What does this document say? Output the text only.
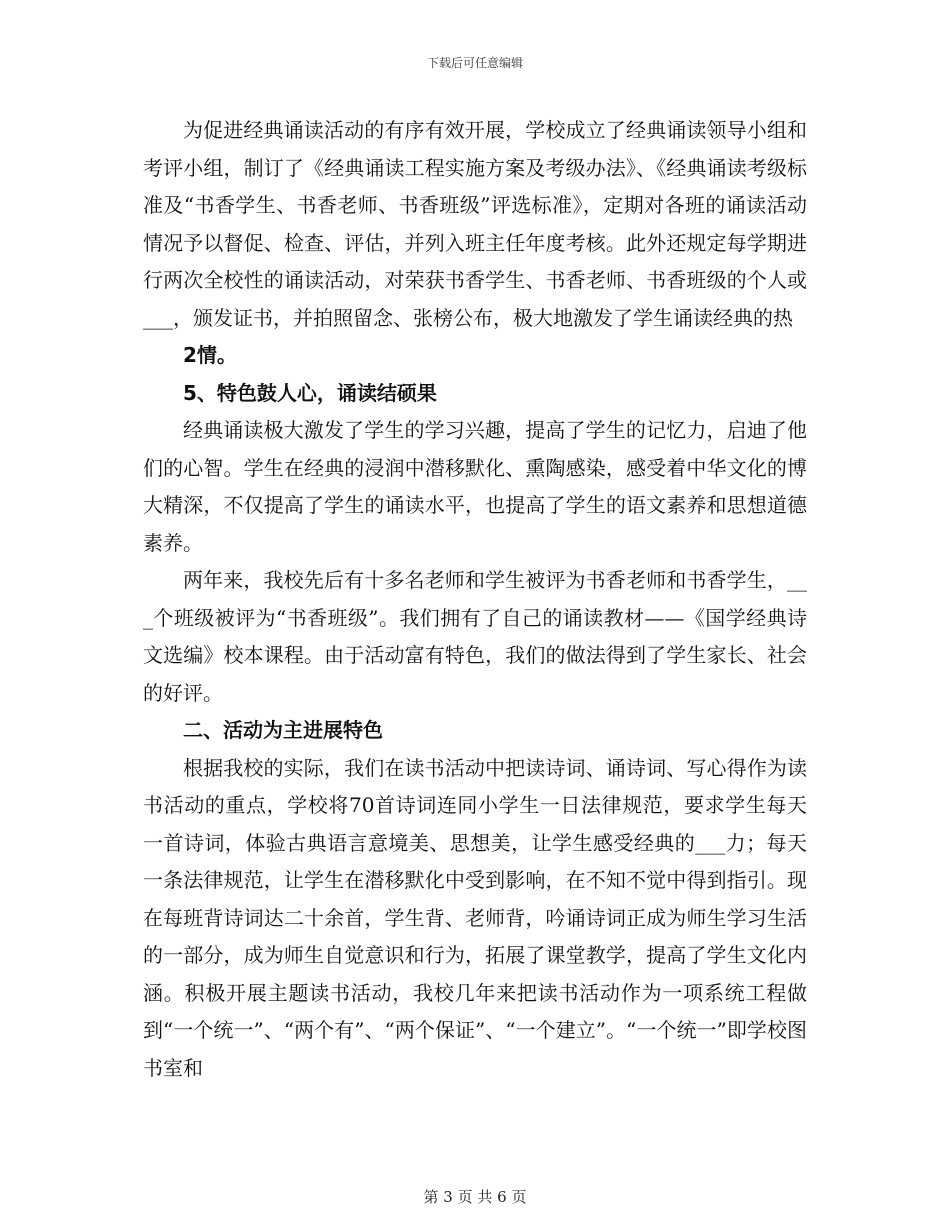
下载后可任意编辑

为促进经典诵读活动的有序有效开展，学校成立了经典诵读领导小组和考评小组，制订了《经典诵读工程实施方案及考级办法》、《经典诵读考级标准及“书香学生、书香老师、书香班级”评选标准》，定期对各班的诵读活动情况予以督促、检查、评估，并列入班主任年度考核。此外还规定每学期进行两次全校性的诵读活动，对荣获书香学生、书香老师、书香班级的个人或___，颁发证书，并拍照留念、张榜公布，极大地激发了学生诵读经典的热

2情。

5、特色鼓人心，诵读结硕果

经典诵读极大激发了学生的学习兴趣，提高了学生的记忆力，启迪了他们的心智。学生在经典的浸润中潜移默化、熏陶感染，感受着中华文化的博大精深，不仅提高了学生的诵读水平，也提高了学生的语文素养和思想道德素养。

两年来，我校先后有十多名老师和学生被评为书香老师和书香学生，___个班级被评为“书香班级”。我们拥有了自己的诵读教材——《国学经典诗文选编》校本课程。由于活动富有特色，我们的做法得到了学生家长、社会的好评。

二、活动为主进展特色

根据我校的实际，我们在读书活动中把读诗词、诵诗词、写心得作为读书活动的重点，学校将70首诗词连同小学生一日法律规范，要求学生每天一首诗词，体验古典语言意境美、思想美，让学生感受经典的___力；每天一条法律规范，让学生在潜移默化中受到影响，在不知不觉中得到指引。现在每班背诗词达二十余首，学生背、老师背，吟诵诗词正成为师生学习生活的一部分，成为师生自觉意识和行为，拓展了课堂教学，提高了学生文化内涵。积极开展主题读书活动，我校几年来把读书活动作为一项系统工程做到“一个统一”、“两个有”、“两个保证”、“一个建立”。“一个统一”即学校图书室和

第 3 页 共 6 页
